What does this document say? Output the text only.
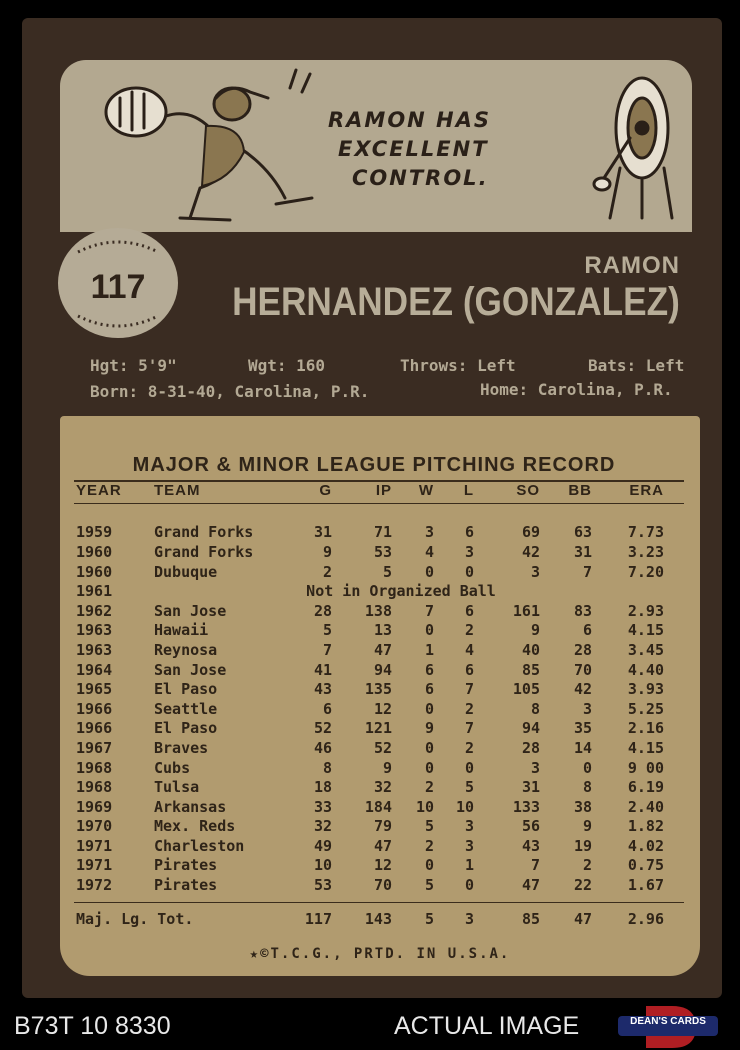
RAMON HAS
EXCELLENT
CONTROL.
117
RAMON
HERNANDEZ (GONZALEZ)
Hgt: 5'9"	Wgt: 160	Throws: Left	Bats: Left
Born: 8-31-40, Carolina, P.R.	Home: Carolina, P.R.
MAJOR & MINOR LEAGUE PITCHING RECORD
YEAR	TEAM	G	IP	W	L	SO	BB	ERA
1959	Grand Forks	31	71	3	6	69	63	7.73
1960	Grand Forks	9	53	4	3	42	31	3.23
1960	Dubuque	2	5	0	0	3	7	7.20
1961	Not in Organized Ball							
1962	San Jose	28	138	7	6	161	83	2.93
1963	Hawaii	5	13	0	2	9	6	4.15
1963	Reynosa	7	47	1	4	40	28	3.45
1964	San Jose	41	94	6	6	85	70	4.40
1965	El Paso	43	135	6	7	105	42	3.93
1966	Seattle	6	12	0	2	8	3	5.25
1966	El Paso	52	121	9	7	94	35	2.16
1967	Braves	46	52	0	2	28	14	4.15
1968	Cubs	8	9	0	0	3	0	9 00
1968	Tulsa	18	32	2	5	31	8	6.19
1969	Arkansas	33	184	10	10	133	38	2.40
1970	Mex. Reds	32	79	5	3	56	9	1.82
1971	Charleston	49	47	2	3	43	19	4.02
1971	Pirates	10	12	0	1	7	2	0.75
1972	Pirates	53	70	5	0	47	22	1.67
Maj. Lg. Tot.	117	143	5	3	85	47	2.96
★©T.C.G., PRTD. IN U.S.A.
B73T 10 8330	ACTUAL IMAGE	DEAN'S CARDS
